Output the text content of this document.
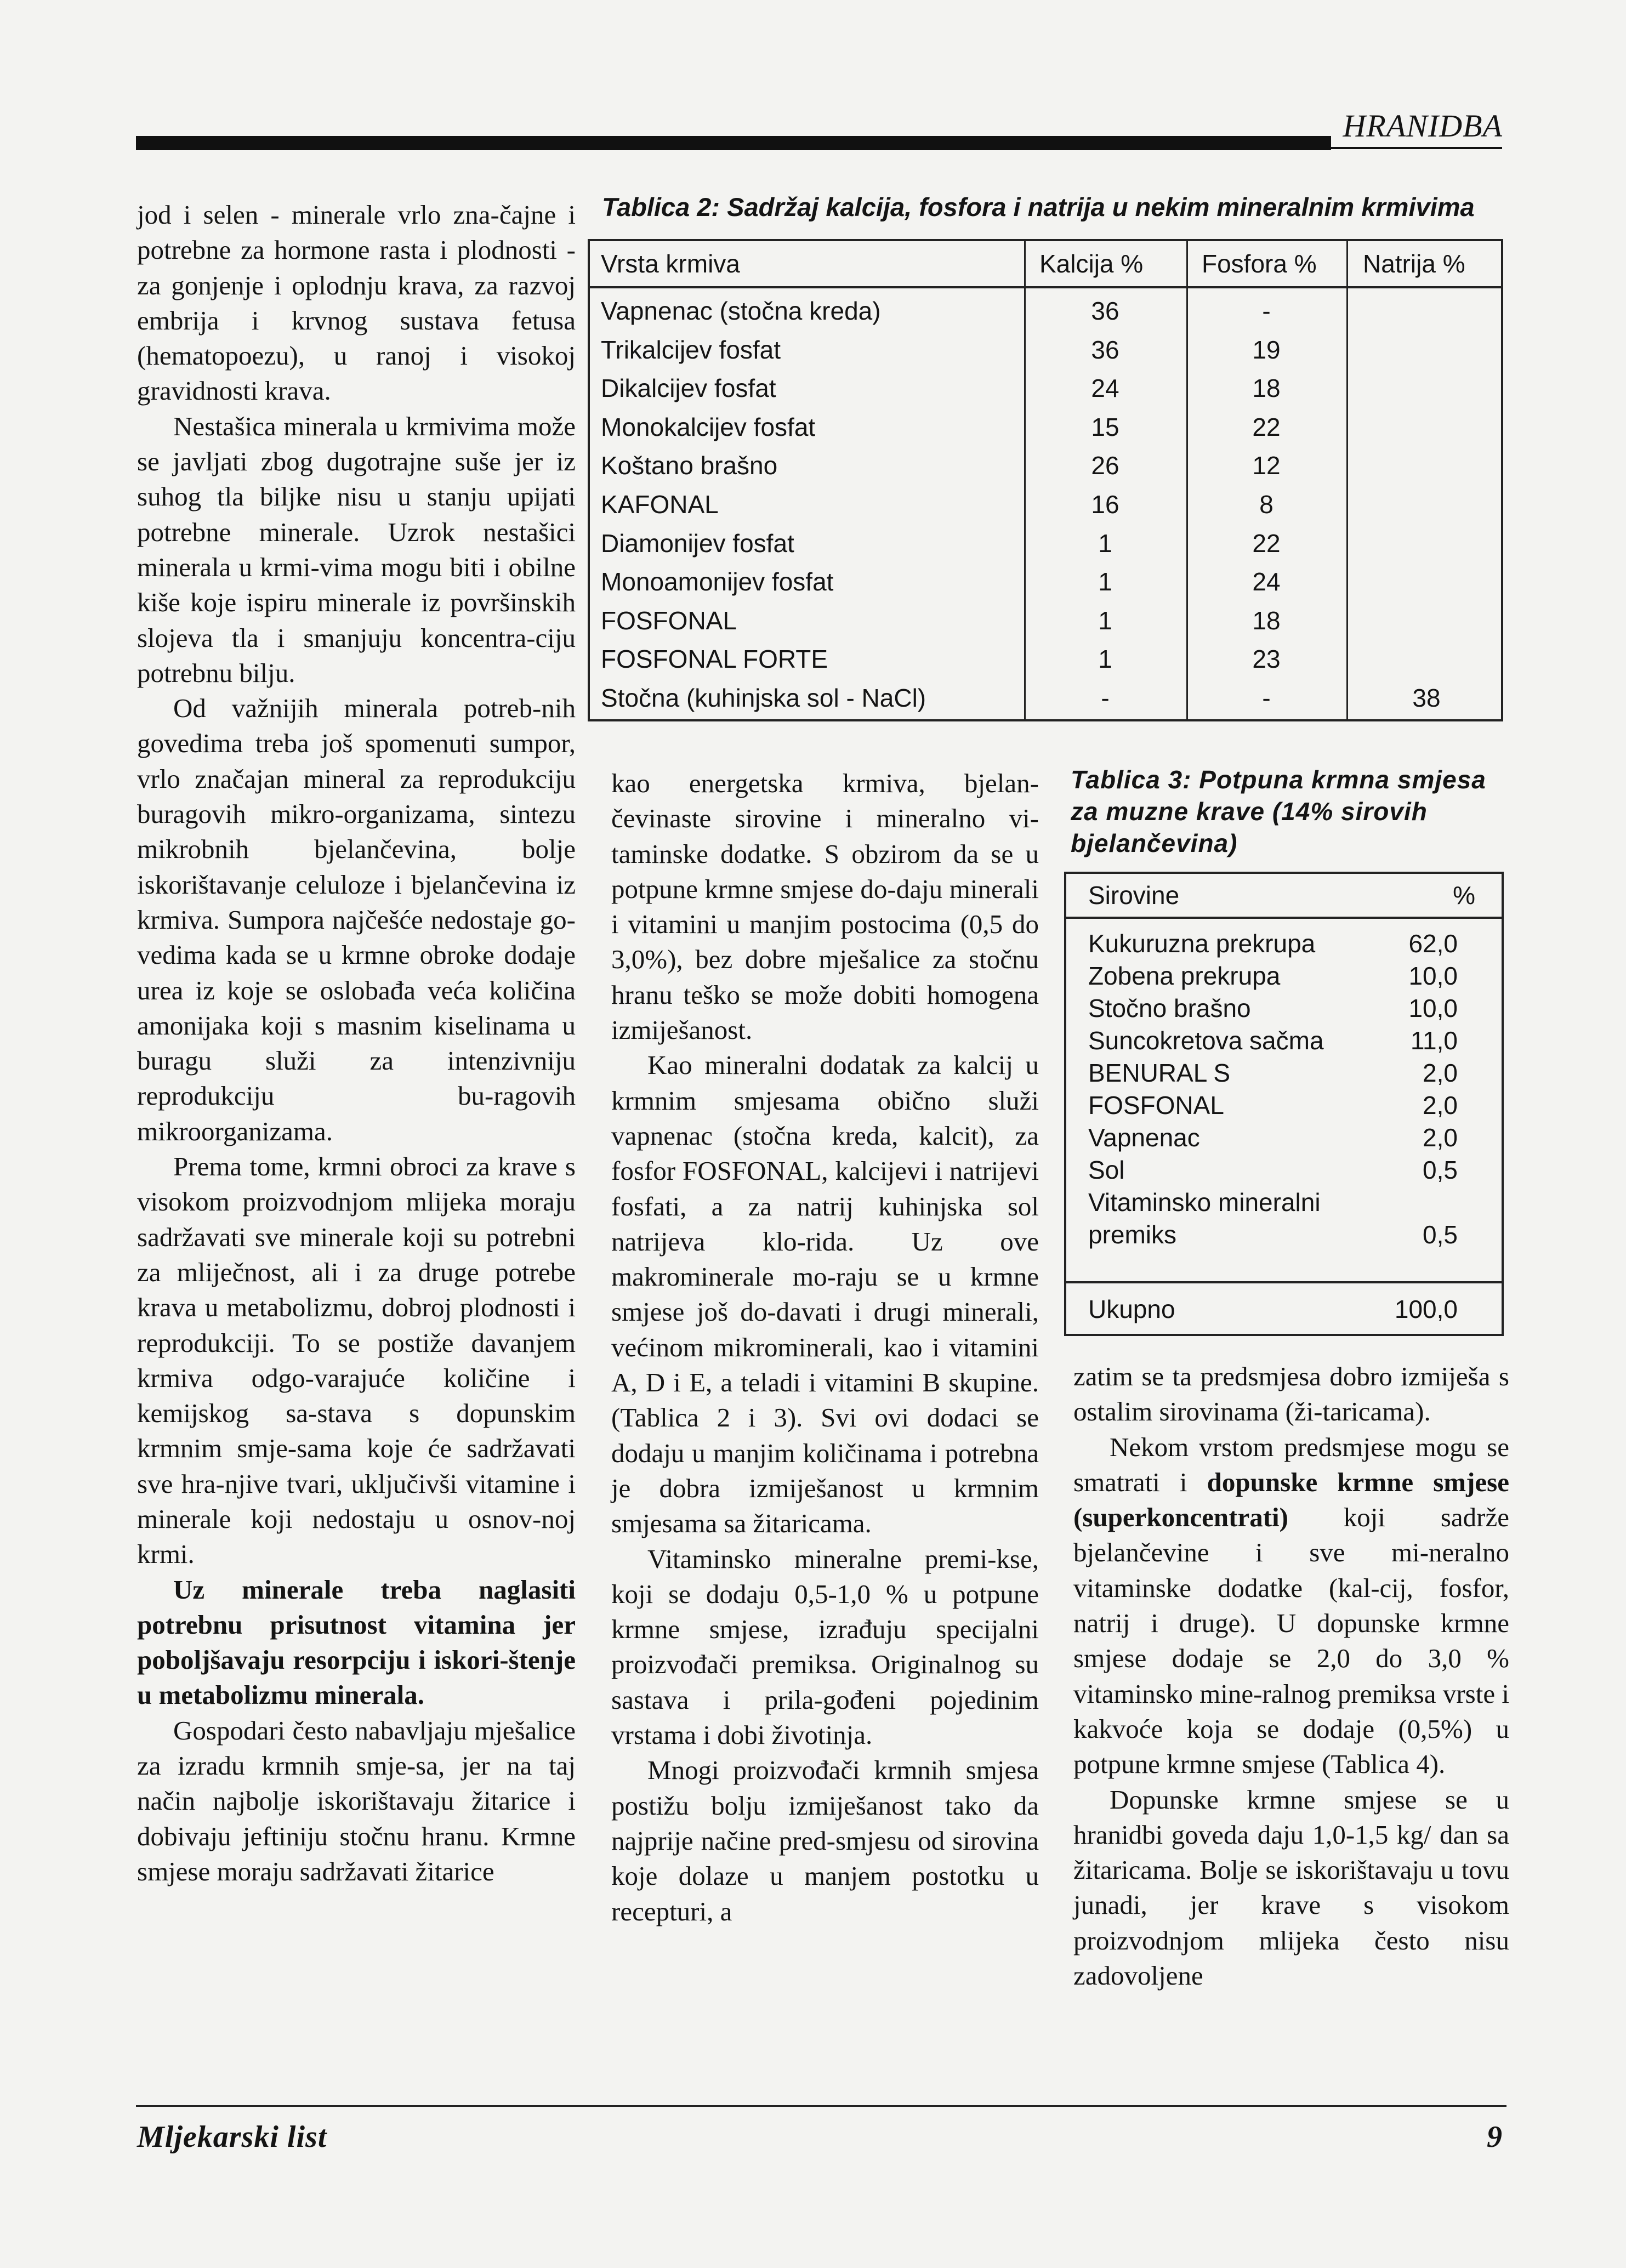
HRANIDBA

jod i selen - minerale vrlo zna-čajne i potrebne za hormone rasta i plodnosti - za gonjenje i oplodnju krava, za razvoj embrija i krvnog sustava fetusa (hematopoezu), u ranoj i visokoj gravidnosti krava.

Nestašica minerala u krmivima može se javljati zbog dugotrajne suše jer iz suhog tla biljke nisu u stanju upijati potrebne minerale. Uzrok nestašici minerala u krmi-vima mogu biti i obilne kiše koje ispiru minerale iz površinskih slojeva tla i smanjuju koncentra-ciju potrebnu bilju.

Od važnijih minerala potreb-nih govedima treba još spomenuti sumpor, vrlo značajan mineral za reprodukciju buragovih mikro-organizama, sintezu mikrobnih bjelančevina, bolje iskorištavanje celuloze i bjelančevina iz krmiva. Sumpora najčešće nedostaje go-vedima kada se u krmne obroke dodaje urea iz koje se oslobađa veća količina amonijaka koji s masnim kiselinama u buragu služi za intenzivniju reprodukciju bu-ragovih mikroorganizama.

Prema tome, krmni obroci za krave s visokom proizvodnjom mlijeka moraju sadržavati sve minerale koji su potrebni za mliječnost, ali i za druge potrebe krava u metabolizmu, dobroj plodnosti i reprodukciji. To se postiže davanjem krmiva odgo-varajuće količine i kemijskog sa-stava s dopunskim krmnim smje-sama koje će sadržavati sve hra-njive tvari, uključivši vitamine i minerale koji nedostaju u osnov-noj krmi.

Uz minerale treba naglasiti potrebnu prisutnost vitamina jer poboljšavaju resorpciju i iskori-štenje u metabolizmu minerala.

Gospodari često nabavljaju mješalice za izradu krmnih smje-sa, jer na taj način najbolje iskorištavaju žitarice i dobivaju jeftiniju stočnu hranu. Krmne smjese moraju sadržavati žitarice

Tablica 2: Sadržaj kalcija, fosfora i natrija u nekim mineralnim krmivima
Vrsta krmiva	Kalcija % Fosfora % Natrija %
Vapnenac (stočna kreda)	36	-
Trikalcijev fosfat	36	19
Dikalcijev fosfat	24	18
Monokalcijev fosfat	15	22
Koštano brašno	26	12
KAFONAL	16	8
Diamonijev fosfat	1	22
Monoamonijev fosfat	1	24
FOSFONAL	1	18
FOSFONAL FORTE	1	23
Stočna (kuhinjska sol - NaCl)	-	-	38

kao energetska krmiva, bjelan-čevinaste sirovine i mineralno vi-taminske dodatke. S obzirom da se u potpune krmne smjese do-daju minerali i vitamini u manjim postocima (0,5 do 3,0%), bez dobre mješalice za stočnu hranu teško se može dobiti homogena izmiješanost.

Kao mineralni dodatak za kalcij u krmnim smjesama obično služi vapnenac (stočna kreda, kalcit), za fosfor FOSFONAL, kalcijevi i natrijevi fosfati, a za natrij kuhinjska sol natrijeva klo-rida. Uz ove makrominerale mo-raju se u krmne smjese još do-davati i drugi minerali, većinom mikrominerali, kao i vitamini A, D i E, a teladi i vitamini B skupine. (Tablica 2 i 3). Svi ovi dodaci se dodaju u manjim količinama i potrebna je dobra izmiješanost u krmnim smjesama sa žitaricama.

Vitaminsko mineralne premi-kse, koji se dodaju 0,5-1,0 % u potpune krmne smjese, izrađuju specijalni proizvođači premiksa. Originalnog su sastava i prila-gođeni pojedinim vrstama i dobi životinja.

Mnogi proizvođači krmnih smjesa postižu bolju izmiješanost tako da najprije načine pred-smjesu od sirovina koje dolaze u manjem postotku u recepturi, a

Tablica 3: Potpuna krmna smjesa za muzne krave (14% sirovih bjelančevina)
Sirovine	%
Kukuruzna prekrupa	62,0
Zobena prekrupa	10,0
Stočno brašno	10,0
Suncokretova sačma	11,0
BENURAL S	2,0
FOSFONAL	2,0
Vapnenac	2,0
Sol	0,5
Vitaminsko mineralni
premiks	0,5
Ukupno	100,0

zatim se ta predsmjesa dobro izmiješa s ostalim sirovinama (ži-taricama).

Nekom vrstom predsmjese mogu se smatrati i dopunske krmne smjese (superkoncentrati) koji sadrže bjelančevine i sve mi-neralno vitaminske dodatke (kal-cij, fosfor, natrij i druge). U dopunske krmne smjese dodaje se 2,0 do 3,0 % vitaminsko mine-ralnog premiksa vrste i kakvoće koja se dodaje (0,5%) u potpune krmne smjese (Tablica 4).

Dopunske krmne smjese se u hranidbi goveda daju 1,0-1,5 kg/ dan sa žitaricama. Bolje se iskorištavaju u tovu junadi, jer krave s visokom proizvodnjom mlijeka često nisu zadovoljene

Mljekarski list	9
